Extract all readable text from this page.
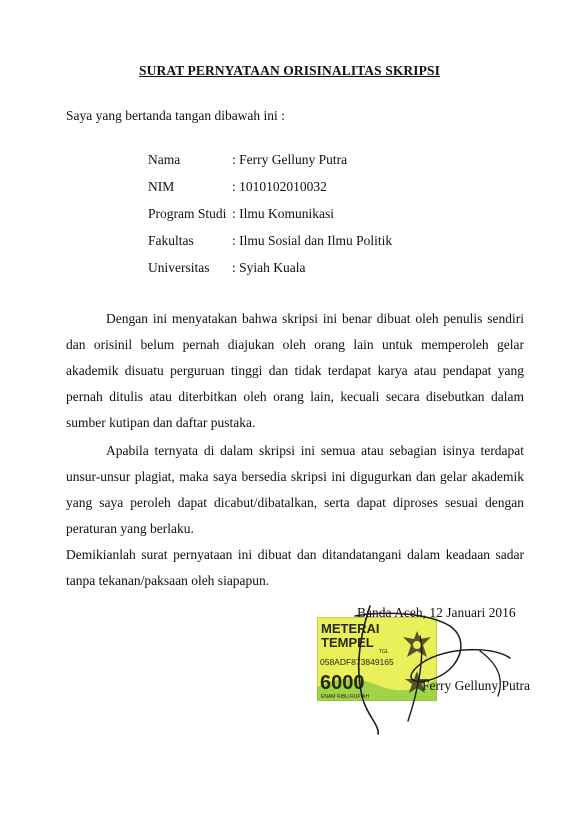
SURAT PERNYATAAN ORISINALITAS SKRIPSI
Saya yang bertanda tangan dibawah ini :
Nama	: Ferry Gelluny Putra
NIM	: 1010102010032
Program Studi : Ilmu Komunikasi
Fakultas	: Ilmu Sosial dan Ilmu Politik
Universitas	: Syiah Kuala
Dengan ini menyatakan bahwa skripsi ini benar dibuat oleh penulis sendiri dan orisinil belum pernah diajukan oleh orang lain untuk memperoleh gelar akademik disuatu perguruan tinggi dan tidak terdapat karya atau pendapat yang pernah ditulis atau diterbitkan oleh orang lain, kecuali secara disebutkan dalam sumber kutipan dan daftar pustaka.
Apabila ternyata di dalam skripsi ini semua atau sebagian isinya terdapat unsur-unsur plagiat, maka saya bersedia skripsi ini digugurkan dan gelar akademik yang saya peroleh dapat dicabut/dibatalkan, serta dapat diproses sesuai dengan peraturan yang berlaku.
Demikianlah surat pernyataan ini dibuat dan ditandatangani dalam keadaan sadar tanpa tekanan/paksaan oleh siapapun.
METERAI
TEMPEL
TGL
058ADF873849165
6000
ENAM RIBU RUPIAH
Banda Aceh, 12 Januari 2016
Ferry Gelluny Putra
